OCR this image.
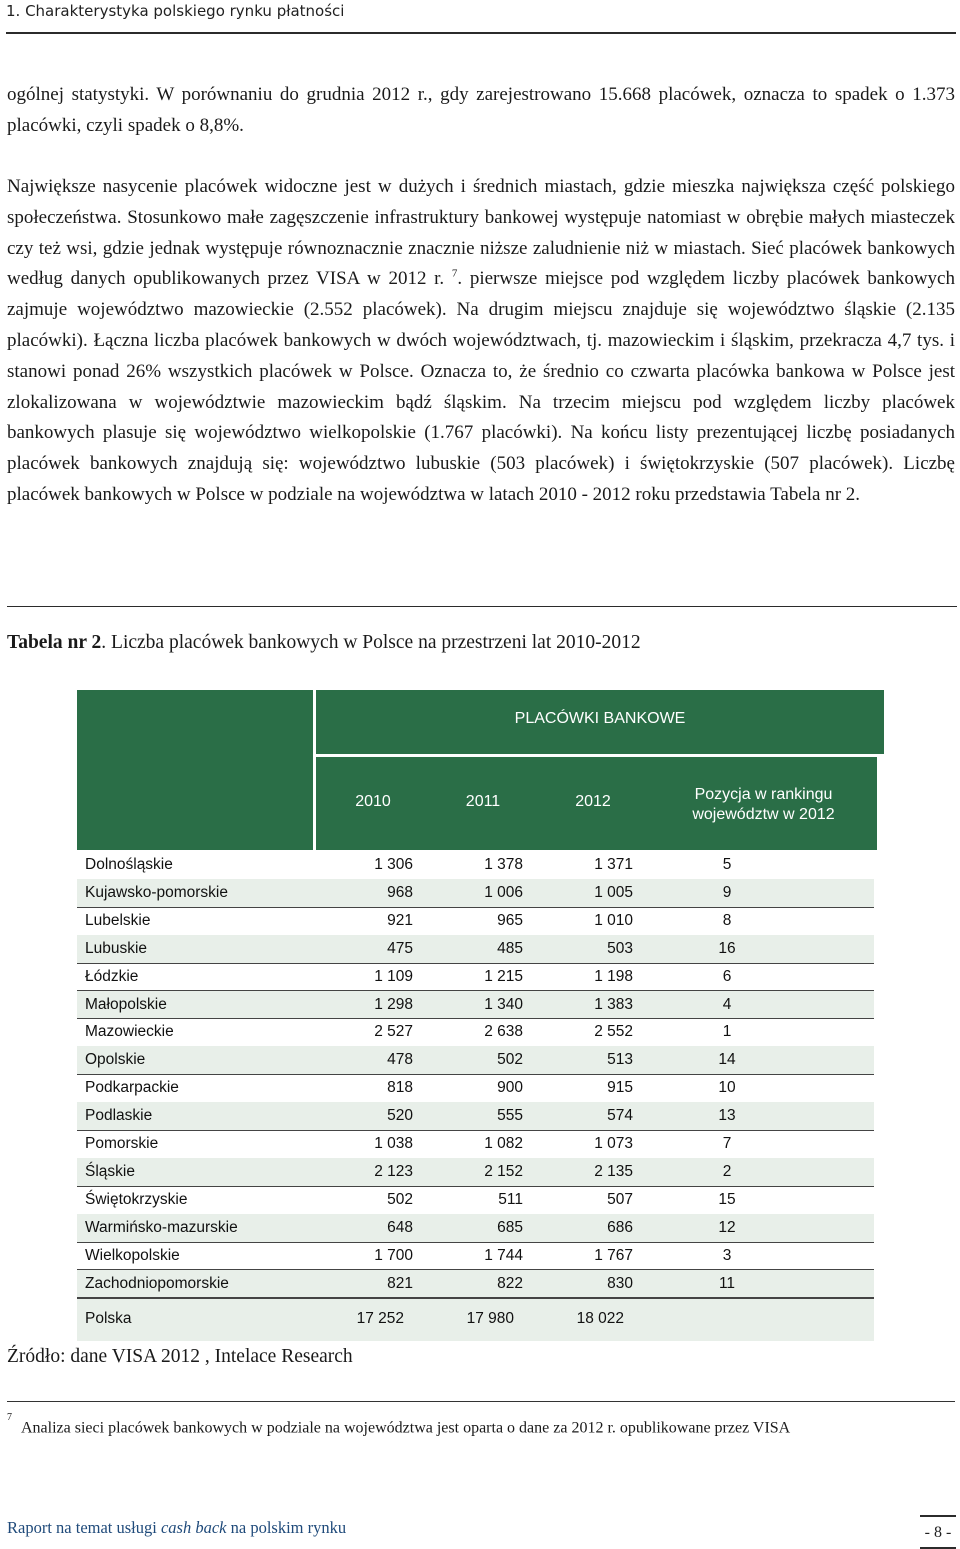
1. Charakterystyka polskiego rynku płatności

ogólnej statystyki. W porównaniu do grudnia 2012 r., gdy zarejestrowano 15.668 placówek, oznacza to spadek o 1.373 placówki, czyli spadek o 8,8%.

Największe nasycenie placówek widoczne jest w dużych i średnich miastach, gdzie mieszka największa część polskiego społeczeństwa. Stosunkowo małe zagęszczenie infrastruktury bankowej występuje natomiast w obrębie małych miasteczek czy też wsi, gdzie jednak występuje równoznacznie znacznie niższe zaludnienie niż w miastach. Sieć placówek bankowych według danych opublikowanych przez VISA w 2012 r. $^7$. pierwsze miejsce pod względem liczby placówek bankowych zajmuje województwo mazowieckie (2.552 placówek). Na drugim miejscu znajduje się województwo śląskie (2.135 placówki). Łączna liczba placówek bankowych w dwóch województwach, tj. mazowieckim i śląskim, przekracza 4,7 tys. i stanowi ponad 26% wszystkich placówek w Polsce. Oznacza to, że średnio co czwarta placówka bankowa w Polsce jest zlokalizowana w województwie mazowieckim bądź śląskim. Na trzecim miejscu pod względem liczby placówek bankowych plasuje się województwo wielkopolskie (1.767 placówki). Na końcu listy prezentującej liczbę posiadanych placówek bankowych znajdują się: województwo lubuskie (503 placówek) i świętokrzyskie (507 placówek). Liczbę placówek bankowych w Polsce w podziale na województwa w latach 2010 - 2012 roku przedstawia Tabela nr 2.

Tabela nr 2. Liczba placówek bankowych w Polsce na przestrzeni lat 2010-2012

PLACÓWKI BANKOWE
2010	2011	2012	Pozycja w rankingu województw w 2012
Dolnośląskie	1 306	1 378	1 371	5
Kujawsko-pomorskie	968	1 006	1 005	9
Lubelskie	921	965	1 010	8
Lubuskie	475	485	503	16
Łódzkie	1 109	1 215	1 198	6
Małopolskie	1 298	1 340	1 383	4
Mazowieckie	2 527	2 638	2 552	1
Opolskie	478	502	513	14
Podkarpackie	818	900	915	10
Podlaskie	520	555	574	13
Pomorskie	1 038	1 082	1 073	7
Śląskie	2 123	2 152	2 135	2
Świętokrzyskie	502	511	507	15
Warmińsko-mazurskie	648	685	686	12
Wielkopolskie	1 700	1 744	1 767	3
Zachodniopomorskie	821	822	830	11
Polska	17 252	17 980	18 022

Źródło: dane VISA 2012 , Intelace Research

$^7$Analiza sieci placówek bankowych w podziale na województwa jest oparta o dane za 2012 r. opublikowane przez VISA

Raport na temat usługi cash back na polskim rynku	- 8 -
